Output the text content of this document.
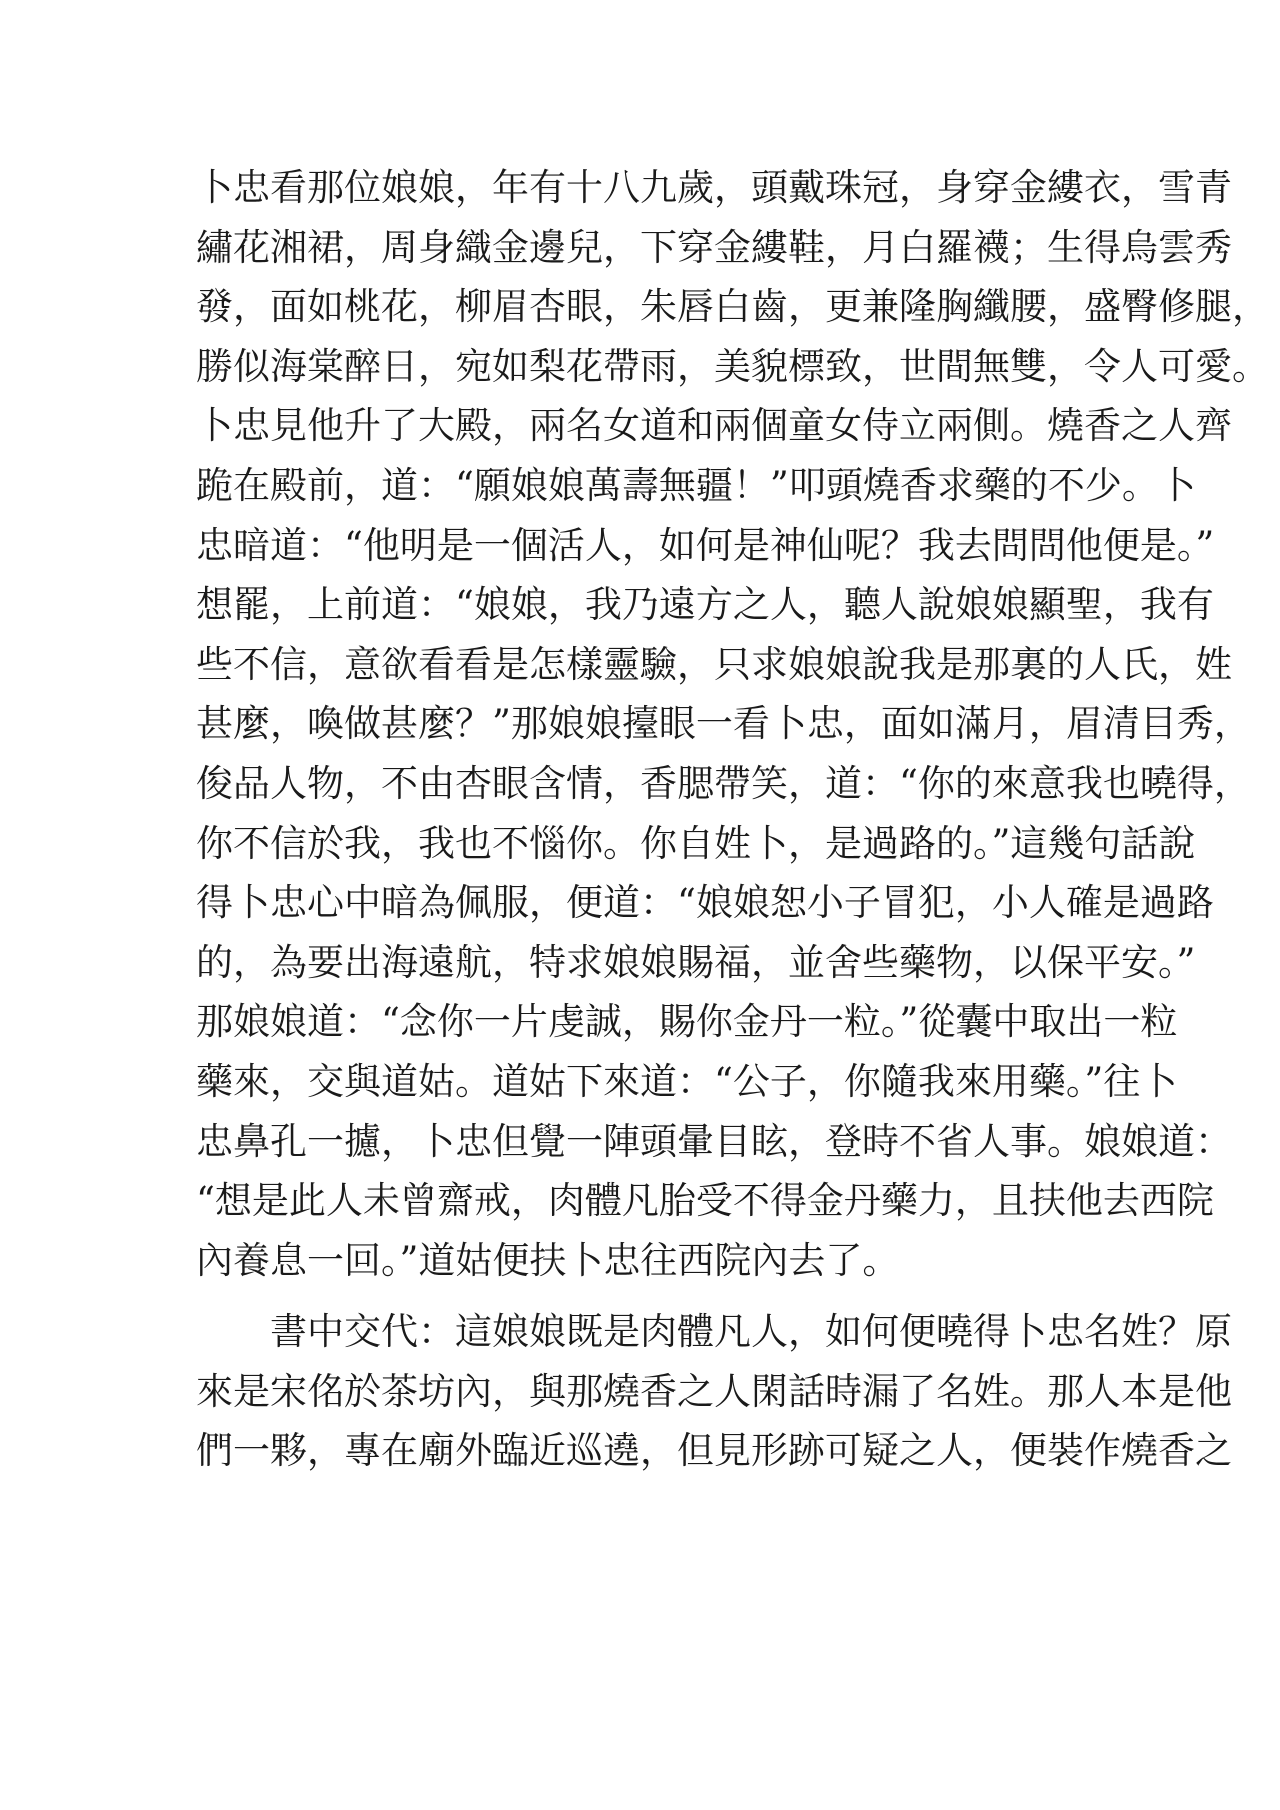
卜忠看那位娘娘，年有十八九歲，頭戴珠冠，身穿金縷衣，雪青
繡花湘裙，周身織金邊兒，下穿金縷鞋，月白羅襪；生得烏雲秀
發，面如桃花，柳眉杏眼，朱唇白齒，更兼隆胸纖腰，盛臀修腿，
勝似海棠醉日，宛如梨花帶雨，美貌標致，世間無雙，令人可愛。
卜忠見他升了大殿，兩名女道和兩個童女侍立兩側。燒香之人齊
跪在殿前，道：“願娘娘萬壽無疆！”叩頭燒香求藥的不少。卜
忠暗道：“他明是一個活人，如何是神仙呢？我去問問他便是。”
想罷，上前道：“娘娘，我乃遠方之人，聽人說娘娘顯聖，我有
些不信，意欲看看是怎樣靈驗，只求娘娘說我是那裏的人氏，姓
甚麼，喚做甚麼？”那娘娘擡眼一看卜忠，面如滿月，眉清目秀，
俊品人物，不由杏眼含情，香腮帶笑，道：“你的來意我也曉得，
你不信於我，我也不惱你。你自姓卜，是過路的。”這幾句話說
得卜忠心中暗為佩服，便道：“娘娘恕小子冒犯，小人確是過路
的，為要出海遠航，特求娘娘賜福，並舍些藥物，以保平安。”
那娘娘道：“念你一片虔誠，賜你金丹一粒。”從囊中取出一粒
藥來，交與道姑。道姑下來道：“公子，你隨我來用藥。”往卜
忠鼻孔一攄，卜忠但覺一陣頭暈目眩，登時不省人事。娘娘道：
“想是此人未曾齋戒，肉體凡胎受不得金丹藥力，且扶他去西院
內養息一回。”道姑便扶卜忠往西院內去了。

書中交代：這娘娘既是肉體凡人，如何便曉得卜忠名姓？原
來是宋佲於茶坊內，與那燒香之人閑話時漏了名姓。那人本是他
們一夥，專在廟外臨近巡遶，但見形跡可疑之人，便裝作燒香之
